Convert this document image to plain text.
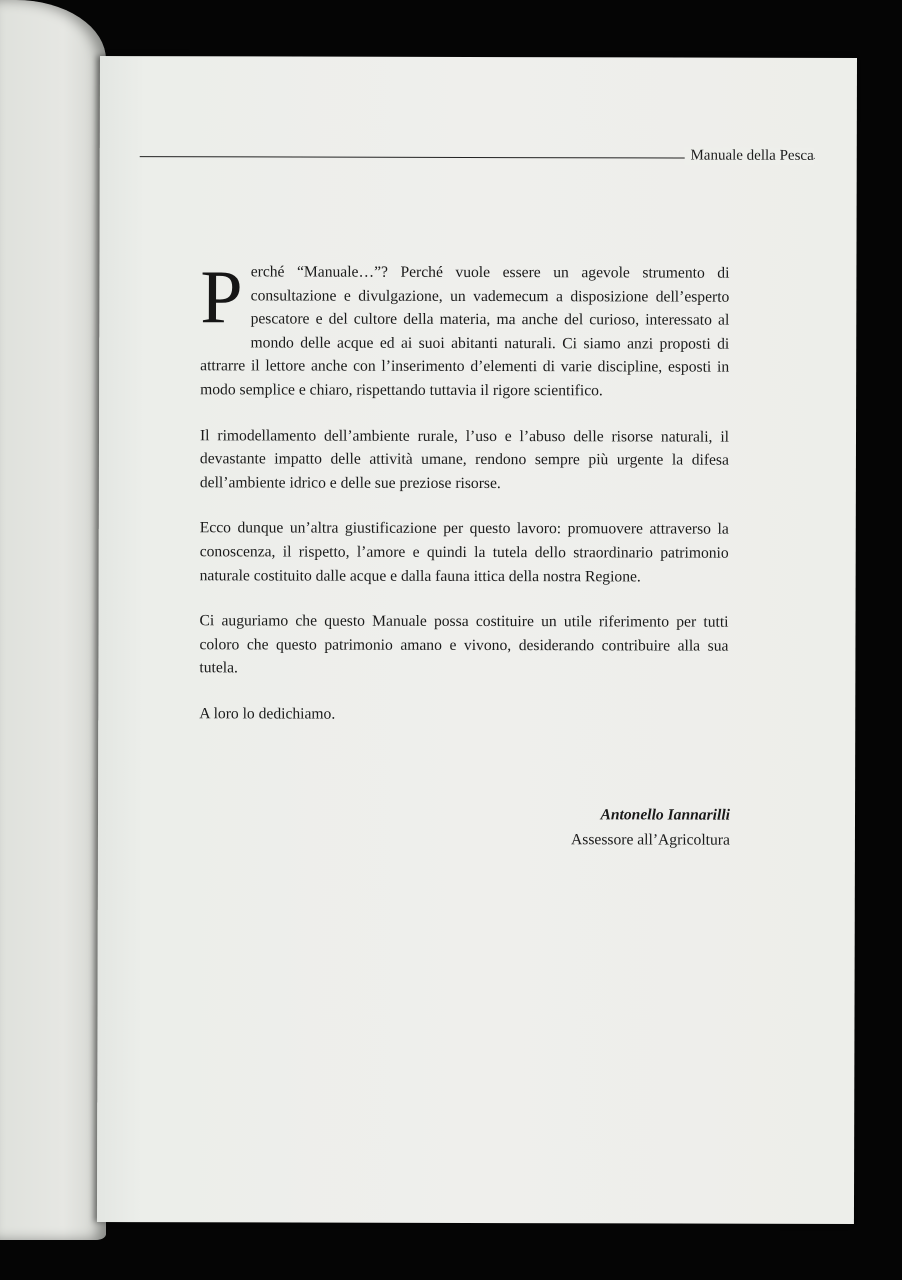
Manuale della Pesca

Perché “Manuale…”? Perché vuole essere un agevole strumento di consultazione e divulgazione, un vademecum a disposizione dell’esperto pescatore e del cultore della materia, ma anche del curioso, interessato al mondo delle acque ed ai suoi abitanti naturali. Ci siamo anzi proposti di attrarre il lettore anche con l’inserimento d’elementi di varie discipline, esposti in modo semplice e chiaro, rispettando tuttavia il rigore scientifico.

Il rimodellamento dell’ambiente rurale, l’uso e l’abuso delle risorse naturali, il devastante impatto delle attività umane, rendono sempre più urgente la difesa dell’ambiente idrico e delle sue preziose risorse.

Ecco dunque un’altra giustificazione per questo lavoro: promuovere attraverso la conoscenza, il rispetto, l’amore e quindi la tutela dello straordinario patrimonio naturale costituito dalle acque e dalla fauna ittica della nostra Regione.

Ci auguriamo che questo Manuale possa costituire un utile riferimento per tutti coloro che questo patrimonio amano e vivono, desiderando contribuire alla sua tutela.

A loro lo dedichiamo.

Antonello Iannarilli
Assessore all’Agricoltura
